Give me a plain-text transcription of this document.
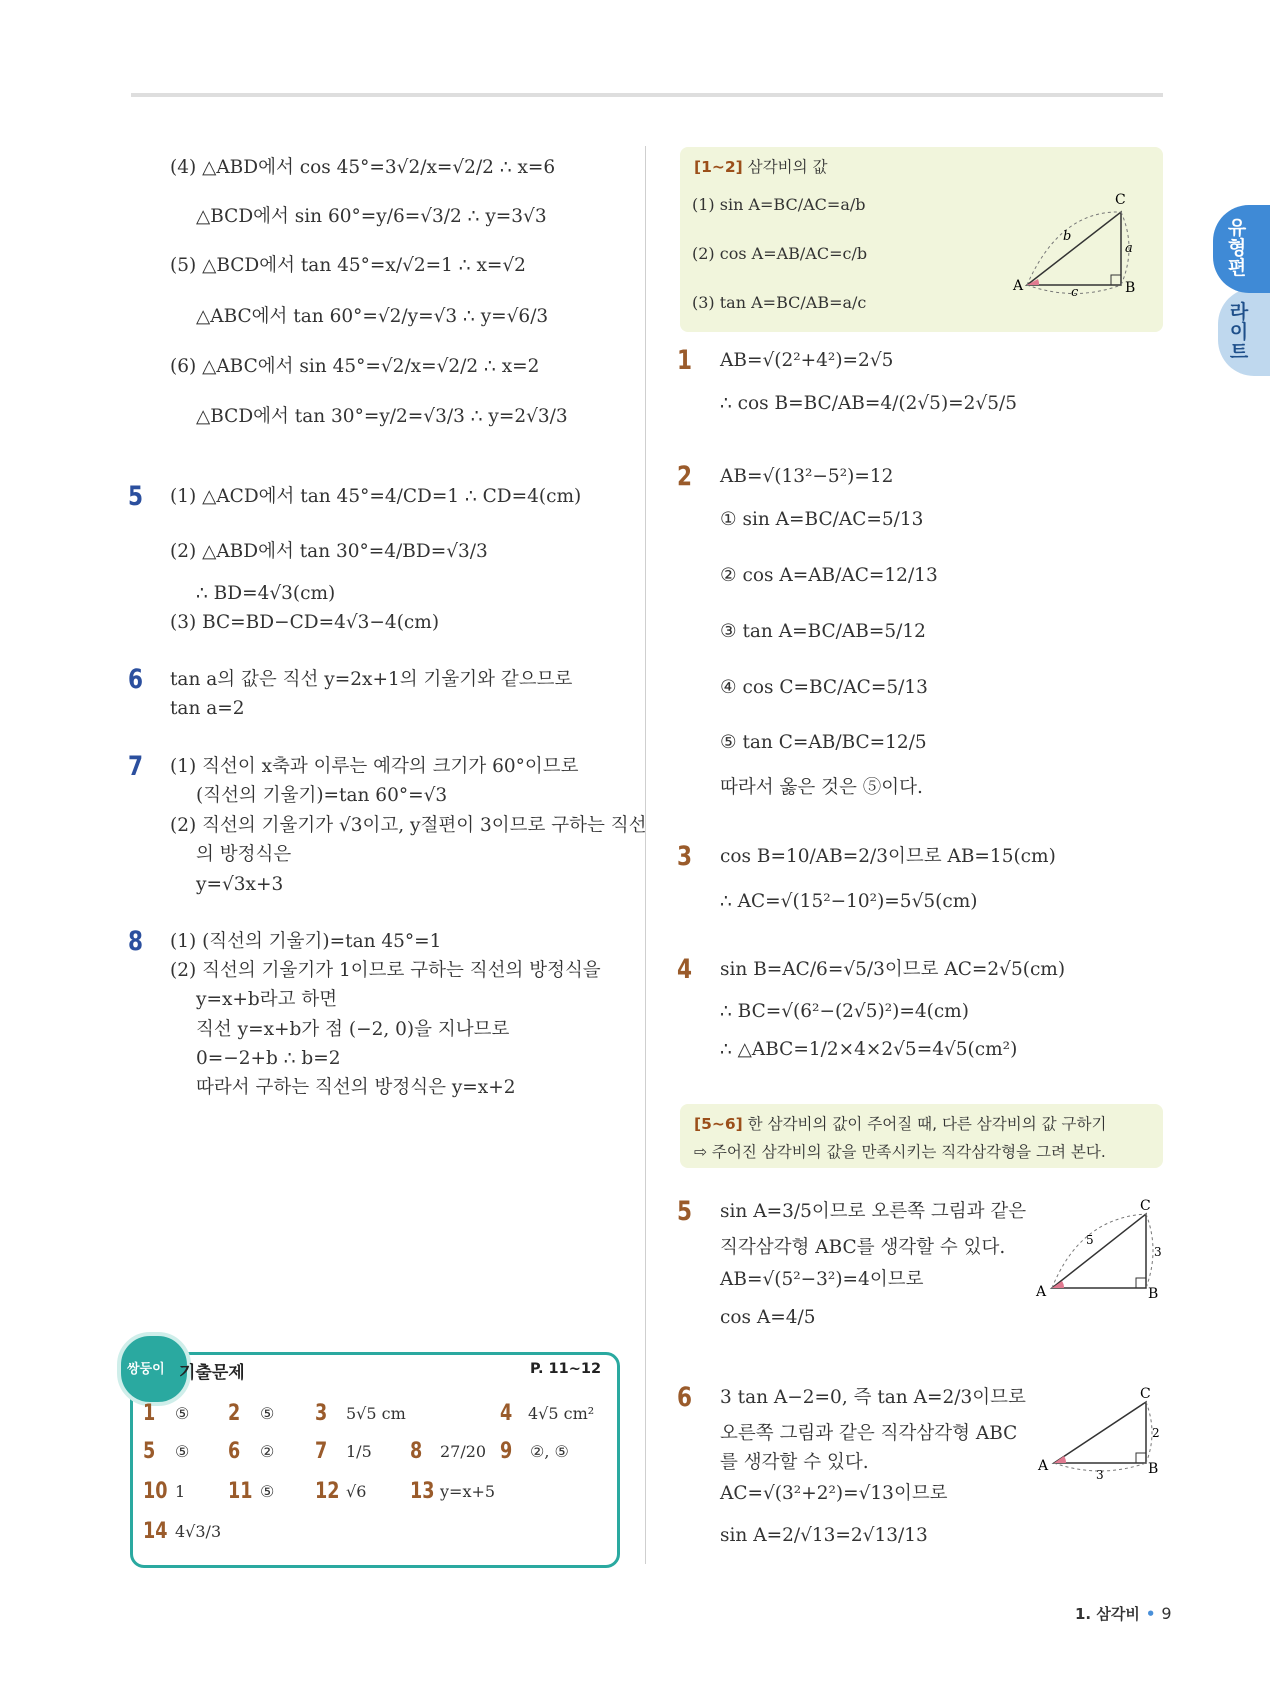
유
형
편
라
이
트
(4) △ABD에서 cos 45°=3√2/x=√2/2 ∴ x=6
△BCD에서 sin 60°=y/6=√3/2 ∴ y=3√3
(5) △BCD에서 tan 45°=x/√2=1 ∴ x=√2
△ABC에서 tan 60°=√2/y=√3 ∴ y=√6/3
(6) △ABC에서 sin 45°=√2/x=√2/2 ∴ x=2
△BCD에서 tan 30°=y/2=√3/3 ∴ y=2√3/3
5 (1) △ACD에서 tan 45°=4/CD=1 ∴ CD=4(cm)
(2) △ABD에서 tan 30°=4/BD=√3/3
∴ BD=4√3(cm)
(3) BC=BD−CD=4√3−4(cm)
6 tan a의 값은 직선 y=2x+1의 기울기와 같으므로
tan a=2
7 (1) 직선이 x축과 이루는 예각의 크기가 60°이므로
(직선의 기울기)=tan 60°=√3
(2) 직선의 기울기가 √3이고, y절편이 3이므로 구하는 직선
의 방정식은
y=√3x+3
8 (1) (직선의 기울기)=tan 45°=1
(2) 직선의 기울기가 1이므로 구하는 직선의 방정식을
y=x+b라고 하면
직선 y=x+b가 점 (−2, 0)을 지나므로
0=−2+b ∴ b=2
따라서 구하는 직선의 방정식은 y=x+2
쌍둥이 기출문제	P. 11~12
1 ⑤ 2 ⑤ 3 5√5 cm	4 4√5 cm²
5 ⑤ 6 ② 7 1/5 8 27/20 9 ②, ⑤
10 1 11 ⑤ 12 √6 13 y=x+5
14 4√3/3
[1~2] 삼각비의 값
(1) sin A=BC/AC=a/b
(2) cos A=AB/AC=c/b
(3) tan A=BC/AB=a/c
A	B
C
a
b
c
1 AB=√(2²+4²)=2√5
∴ cos B=BC/AB=4/(2√5)=2√5/5
2 AB=√(13²−5²)=12
① sin A=BC/AC=5/13
② cos A=AB/AC=12/13
③ tan A=BC/AB=5/12
④ cos C=BC/AC=5/13
⑤ tan C=AB/BC=12/5
따라서 옳은 것은 ⑤이다.
3 cos B=10/AB=2/3이므로 AB=15(cm)
∴ AC=√(15²−10²)=5√5(cm)
4 sin B=AC/6=√5/3이므로 AC=2√5(cm)
∴ BC=√(6²−(2√5)²)=4(cm)
∴ △ABC=1/2×4×2√5=4√5(cm²)
[5~6] 한 삼각비의 값이 주어질 때, 다른 삼각비의 값 구하기
⇨ 주어진 삼각비의 값을 만족시키는 직각삼각형을 그려 본다.
5 sin A=3/5이므로 오른쪽 그림과 같은
직각삼각형 ABC를 생각할 수 있다.
AB=√(5²−3²)=4이므로
cos A=4/5
A	B
C
5
3
6 3 tan A−2=0, 즉 tan A=2/3이므로
오른쪽 그림과 같은 직각삼각형 ABC
를 생각할 수 있다.
AC=√(3²+2²)=√13이므로
sin A=2/√13=2√13/13
A	B
C
3
2
1. 삼각비 • 9
